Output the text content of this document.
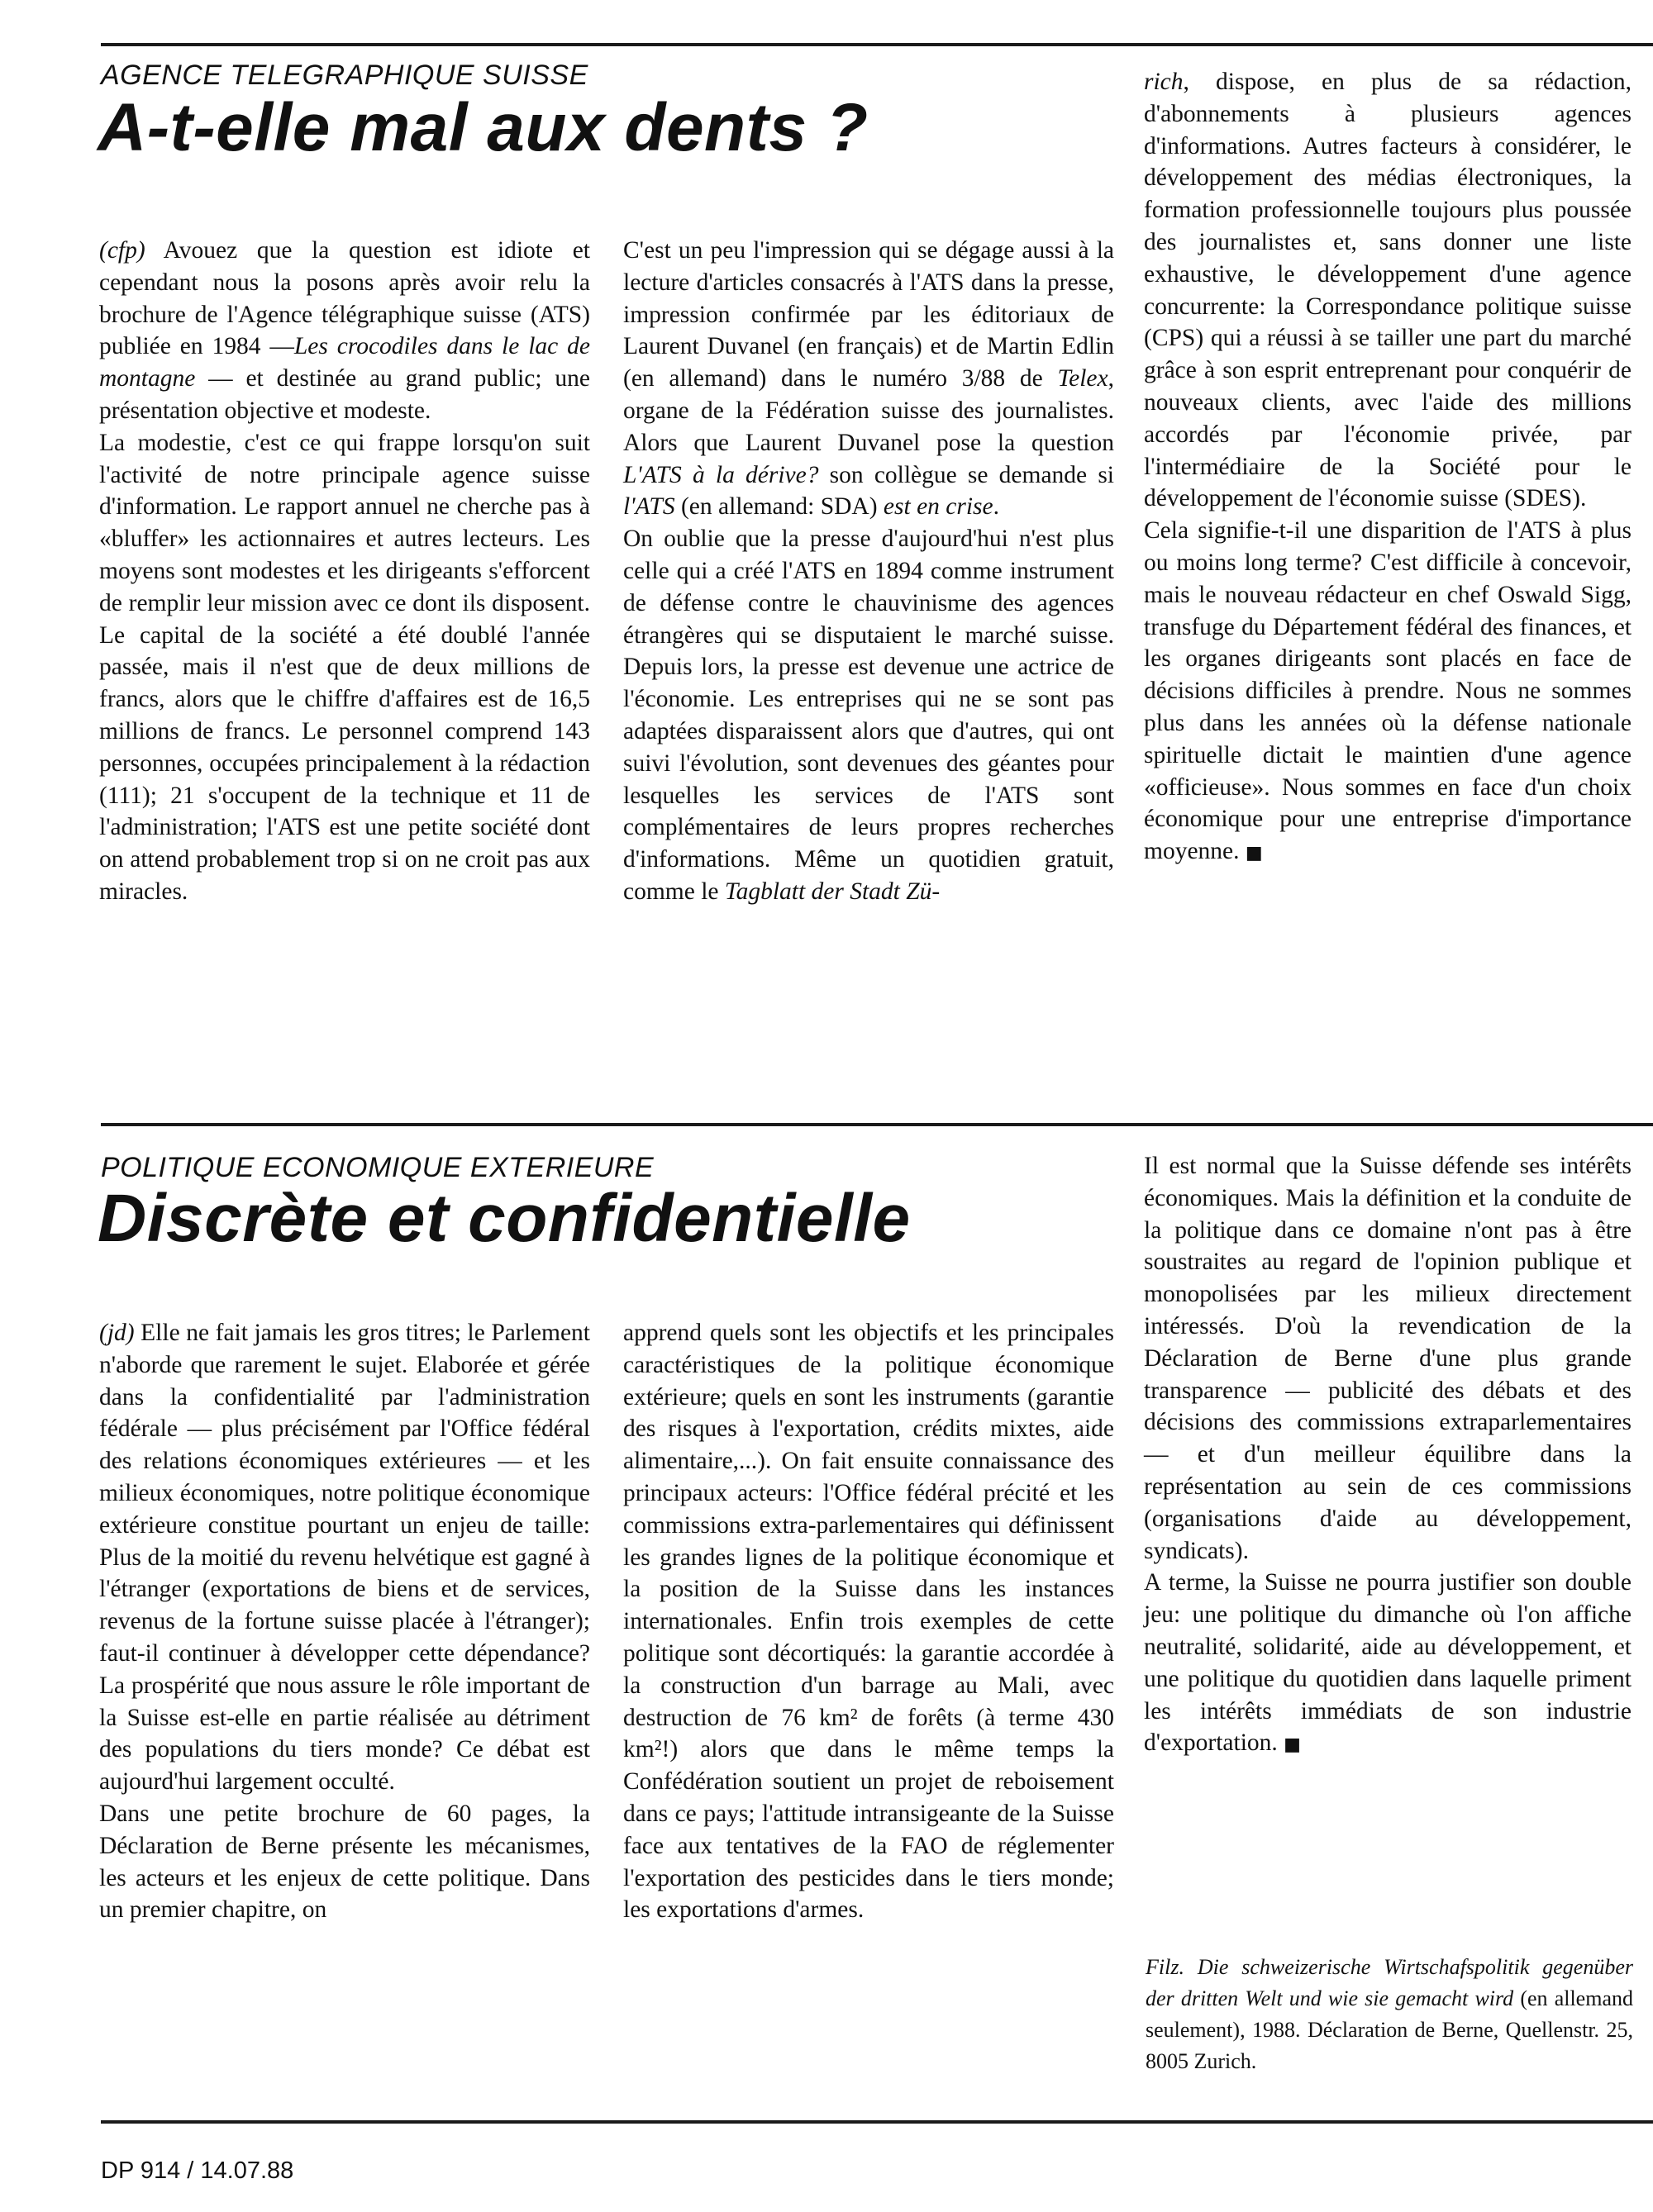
AGENCE TELEGRAPHIQUE SUISSE
A-t-elle mal aux dents ?

(cfp) Avouez que la question est idiote et cependant nous la posons après avoir relu la brochure de l'Agence télégraphique suisse (ATS) publiée en 1984 —Les crocodiles dans le lac de montagne — et destinée au grand public; une présentation objective et modeste.

La modestie, c'est ce qui frappe lorsqu'on suit l'activité de notre principale agence suisse d'information. Le rapport annuel ne cherche pas à «bluffer» les actionnaires et autres lecteurs. Les moyens sont modestes et les dirigeants s'efforcent de remplir leur mission avec ce dont ils disposent. Le capital de la société a été doublé l'année passée, mais il n'est que de deux millions de francs, alors que le chiffre d'affaires est de 16,5 millions de francs. Le personnel comprend 143 personnes, occupées principalement à la rédaction (111); 21 s'occupent de la technique et 11 de l'administration; l'ATS est une petite société dont on attend probablement trop si on ne croit pas aux miracles.

C'est un peu l'impression qui se dégage aussi à la lecture d'articles consacrés à l'ATS dans la presse, impression confirmée par les éditoriaux de Laurent Duvanel (en français) et de Martin Edlin (en allemand) dans le numéro 3/88 de Telex, organe de la Fédération suisse des journalistes. Alors que Laurent Duvanel pose la question L'ATS à la dérive? son collègue se demande si l'ATS (en allemand: SDA) est en crise.

On oublie que la presse d'aujourd'hui n'est plus celle qui a créé l'ATS en 1894 comme instrument de défense contre le chauvinisme des agences étrangères qui se disputaient le marché suisse. Depuis lors, la presse est devenue une actrice de l'économie. Les entreprises qui ne se sont pas adaptées disparaissent alors que d'autres, qui ont suivi l'évolution, sont devenues des géantes pour lesquelles les services de l'ATS sont complémentaires de leurs propres recherches d'informations. Même un quotidien gratuit, comme le Tagblatt der Stadt Zü-

rich, dispose, en plus de sa rédaction, d'abonnements à plusieurs agences d'informations. Autres facteurs à considérer, le développement des médias électroniques, la formation professionnelle toujours plus poussée des journalistes et, sans donner une liste exhaustive, le développement d'une agence concurrente: la Correspondance politique suisse (CPS) qui a réussi à se tailler une part du marché grâce à son esprit entreprenant pour conquérir de nouveaux clients, avec l'aide des millions accordés par l'économie privée, par l'intermédiaire de la Société pour le développement de l'économie suisse (SDES).

Cela signifie-t-il une disparition de l'ATS à plus ou moins long terme? C'est difficile à concevoir, mais le nouveau rédacteur en chef Oswald Sigg, transfuge du Département fédéral des finances, et les organes dirigeants sont placés en face de décisions difficiles à prendre. Nous ne sommes plus dans les années où la défense nationale spirituelle dictait le maintien d'une agence «officieuse». Nous sommes en face d'un choix économique pour une entreprise d'importance moyenne. ■

POLITIQUE ECONOMIQUE EXTERIEURE
Discrète et confidentielle

(jd) Elle ne fait jamais les gros titres; le Parlement n'aborde que rarement le sujet. Elaborée et gérée dans la confidentialité par l'administration fédérale — plus précisément par l'Office fédéral des relations économiques extérieures — et les milieux économiques, notre politique économique extérieure constitue pourtant un enjeu de taille: Plus de la moitié du revenu helvétique est gagné à l'étranger (exportations de biens et de services, revenus de la fortune suisse placée à l'étranger); faut-il continuer à développer cette dépendance? La prospérité que nous assure le rôle important de la Suisse est-elle en partie réalisée au détriment des populations du tiers monde? Ce débat est aujourd'hui largement occulté.

Dans une petite brochure de 60 pages, la Déclaration de Berne présente les mécanismes, les acteurs et les enjeux de cette politique. Dans un premier chapitre, on

apprend quels sont les objectifs et les principales caractéristiques de la politique économique extérieure; quels en sont les instruments (garantie des risques à l'exportation, crédits mixtes, aide alimentaire,...). On fait ensuite connaissance des principaux acteurs: l'Office fédéral précité et les commissions extra-parlementaires qui définissent les grandes lignes de la politique économique et la position de la Suisse dans les instances internationales. Enfin trois exemples de cette politique sont décortiqués: la garantie accordée à la construction d'un barrage au Mali, avec destruction de 76 km² de forêts (à terme 430 km²!) alors que dans le même temps la Confédération soutient un projet de reboisement dans ce pays; l'attitude intransigeante de la Suisse face aux tentatives de la FAO de réglementer l'exportation des pesticides dans le tiers monde; les exportations d'armes.

Il est normal que la Suisse défende ses intérêts économiques. Mais la définition et la conduite de la politique dans ce domaine n'ont pas à être soustraites au regard de l'opinion publique et monopolisées par les milieux directement intéressés. D'où la revendication de la Déclaration de Berne d'une plus grande transparence — publicité des débats et des décisions des commissions extraparlementaires — et d'un meilleur équilibre dans la représentation au sein de ces commissions (organisations d'aide au développement, syndicats).

A terme, la Suisse ne pourra justifier son double jeu: une politique du dimanche où l'on affiche neutralité, solidarité, aide au développement, et une politique du quotidien dans laquelle priment les intérêts immédiats de son industrie d'exportation. ■

Filz. Die schweizerische Wirtschafspolitik gegenüber der dritten Welt und wie sie gemacht wird (en allemand seulement), 1988. Déclaration de Berne, Quellenstr. 25, 8005 Zurich.

DP 914 / 14.07.88
